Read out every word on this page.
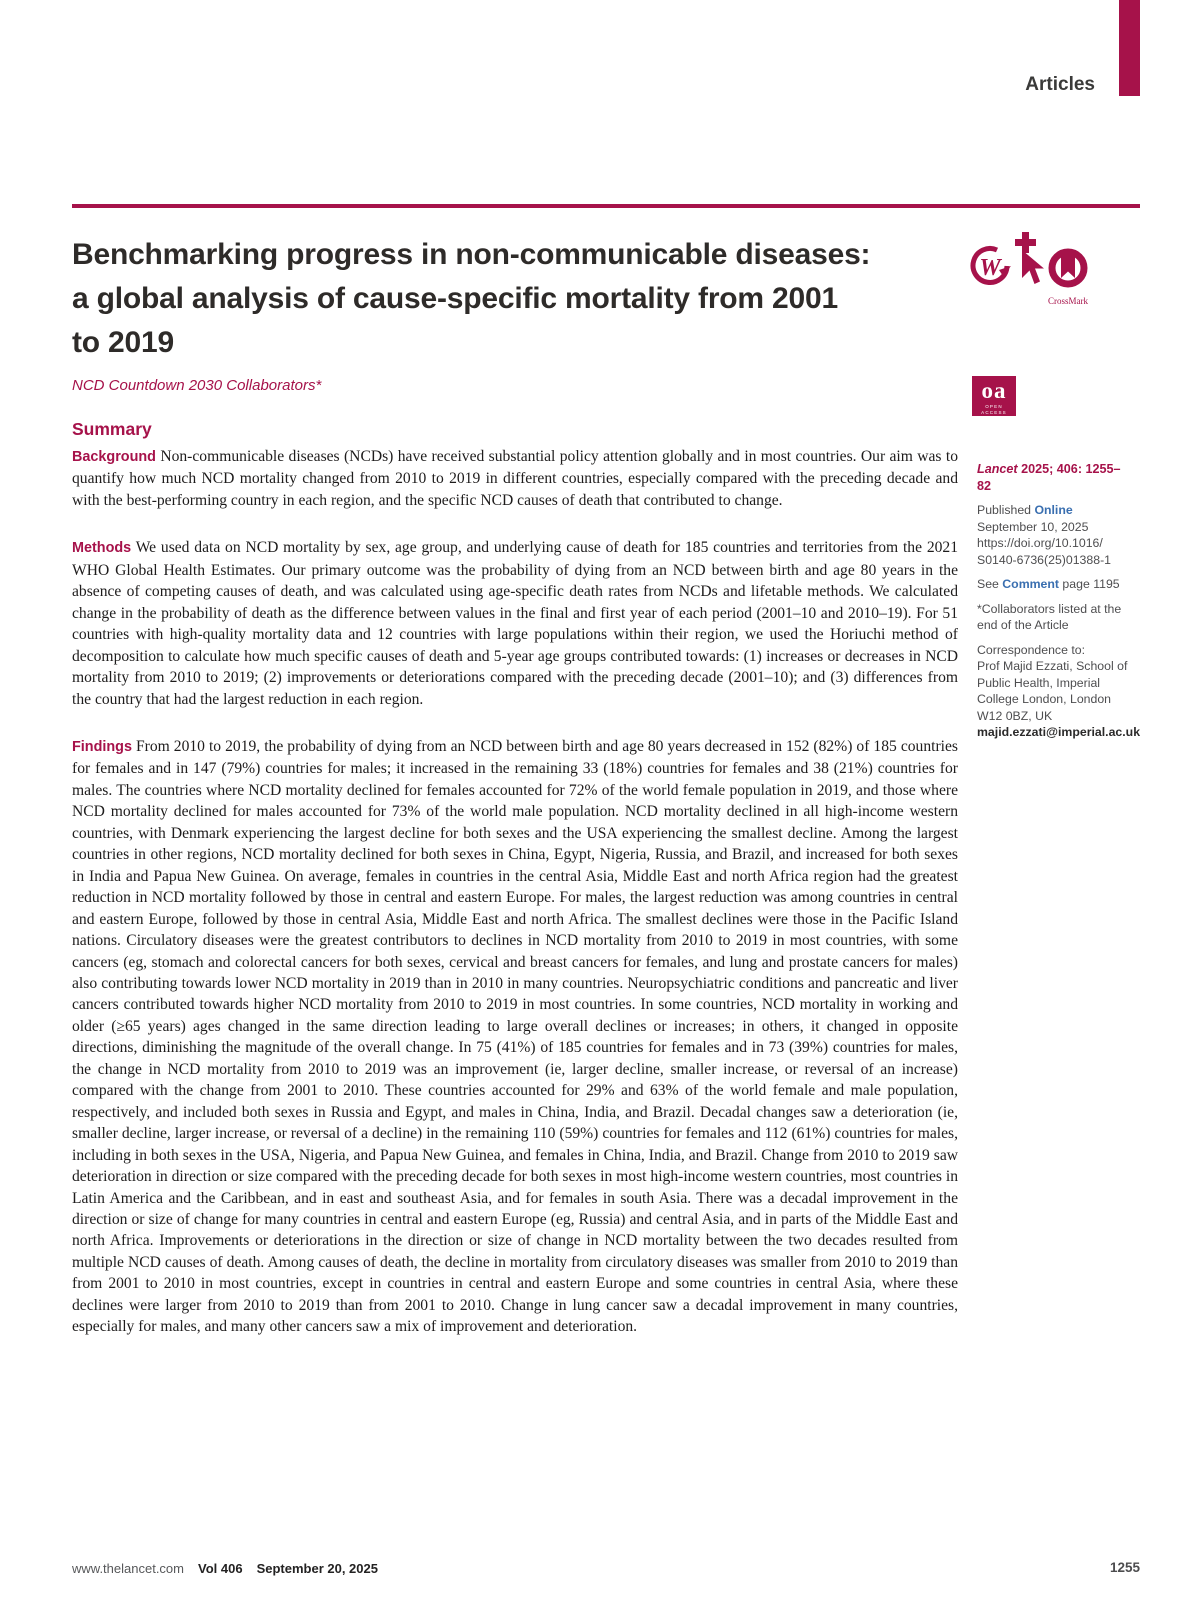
Articles
Benchmarking progress in non-communicable diseases:
a global analysis of cause-specific mortality from 2001
to 2019
W
CrossMark
NCD Countdown 2030 Collaborators*	oa
OPEN ACCESS
Summary

Background Non-communicable diseases (NCDs) have received substantial policy attention globally and in most countries. Our aim was to quantify how much NCD mortality changed from 2010 to 2019 in different countries, especially compared with the preceding decade and with the best-performing country in each region, and the specific NCD causes of death that contributed to change.

Methods We used data on NCD mortality by sex, age group, and underlying cause of death for 185 countries and territories from the 2021 WHO Global Health Estimates. Our primary outcome was the probability of dying from an NCD between birth and age 80 years in the absence of competing causes of death, and was calculated using age-specific death rates from NCDs and lifetable methods. We calculated change in the probability of death as the difference between values in the final and first year of each period (2001–10 and 2010–19). For 51 countries with high-quality mortality data and 12 countries with large populations within their region, we used the Horiuchi method of decomposition to calculate how much specific causes of death and 5-year age groups contributed towards: (1) increases or decreases in NCD mortality from 2010 to 2019; (2) improvements or deteriorations compared with the preceding decade (2001–10); and (3) differences from the country that had the largest reduction in each region.

Findings From 2010 to 2019, the probability of dying from an NCD between birth and age 80 years decreased in 152 (82%) of 185 countries for females and in 147 (79%) countries for males; it increased in the remaining 33 (18%) countries for females and 38 (21%) countries for males. The countries where NCD mortality declined for females accounted for 72% of the world female population in 2019, and those where NCD mortality declined for males accounted for 73% of the world male population. NCD mortality declined in all high-income western countries, with Denmark experiencing the largest decline for both sexes and the USA experiencing the smallest decline. Among the largest countries in other regions, NCD mortality declined for both sexes in China, Egypt, Nigeria, Russia, and Brazil, and increased for both sexes in India and Papua New Guinea. On average, females in countries in the central Asia, Middle East and north Africa region had the greatest reduction in NCD mortality followed by those in central and eastern Europe. For males, the largest reduction was among countries in central and eastern Europe, followed by those in central Asia, Middle East and north Africa. The smallest declines were those in the Pacific Island nations. Circulatory diseases were the greatest contributors to declines in NCD mortality from 2010 to 2019 in most countries, with some cancers (eg, stomach and colorectal cancers for both sexes, cervical and breast cancers for females, and lung and prostate cancers for males) also contributing towards lower NCD mortality in 2019 than in 2010 in many countries. Neuropsychiatric conditions and pancreatic and liver cancers contributed towards higher NCD mortality from 2010 to 2019 in most countries. In some countries, NCD mortality in working and older (≥65 years) ages changed in the same direction leading to large overall declines or increases; in others, it changed in opposite directions, diminishing the magnitude of the overall change. In 75 (41%) of 185 countries for females and in 73 (39%) countries for males, the change in NCD mortality from 2010 to 2019 was an improvement (ie, larger decline, smaller increase, or reversal of an increase) compared with the change from 2001 to 2010. These countries accounted for 29% and 63% of the world female and male population, respectively, and included both sexes in Russia and Egypt, and males in China, India, and Brazil. Decadal changes saw a deterioration (ie, smaller decline, larger increase, or reversal of a decline) in the remaining 110 (59%) countries for females and 112 (61%) countries for males, including in both sexes in the USA, Nigeria, and Papua New Guinea, and females in China, India, and Brazil. Change from 2010 to 2019 saw deterioration in direction or size compared with the preceding decade for both sexes in most high-income western countries, most countries in Latin America and the Caribbean, and in east and southeast Asia, and for females in south Asia. There was a decadal improvement in the direction or size of change for many countries in central and eastern Europe (eg, Russia) and central Asia, and in parts of the Middle East and north Africa. Improvements or deteriorations in the direction or size of change in NCD mortality between the two decades resulted from multiple NCD causes of death. Among causes of death, the decline in mortality from circulatory diseases was smaller from 2010 to 2019 than from 2001 to 2010 in most countries, except in countries in central and eastern Europe and some countries in central Asia, where these declines were larger from 2010 to 2019 than from 2001 to 2010. Change in lung cancer saw a decadal improvement in many countries, especially for males, and many other cancers saw a mix of improvement and deterioration.

Lancet 2025; 406: 1255–82
Published Online
September 10, 2025
https://doi.org/10.1016/
S0140-6736(25)01388-1
See Comment page 1195
*Collaborators listed at the end of the Article
Correspondence to:
Prof Majid Ezzati, School of Public Health, Imperial College London, London W12 0BZ, UK
majid.ezzati@imperial.ac.uk
www.thelancet.com Vol 406 September 20, 2025	1255
